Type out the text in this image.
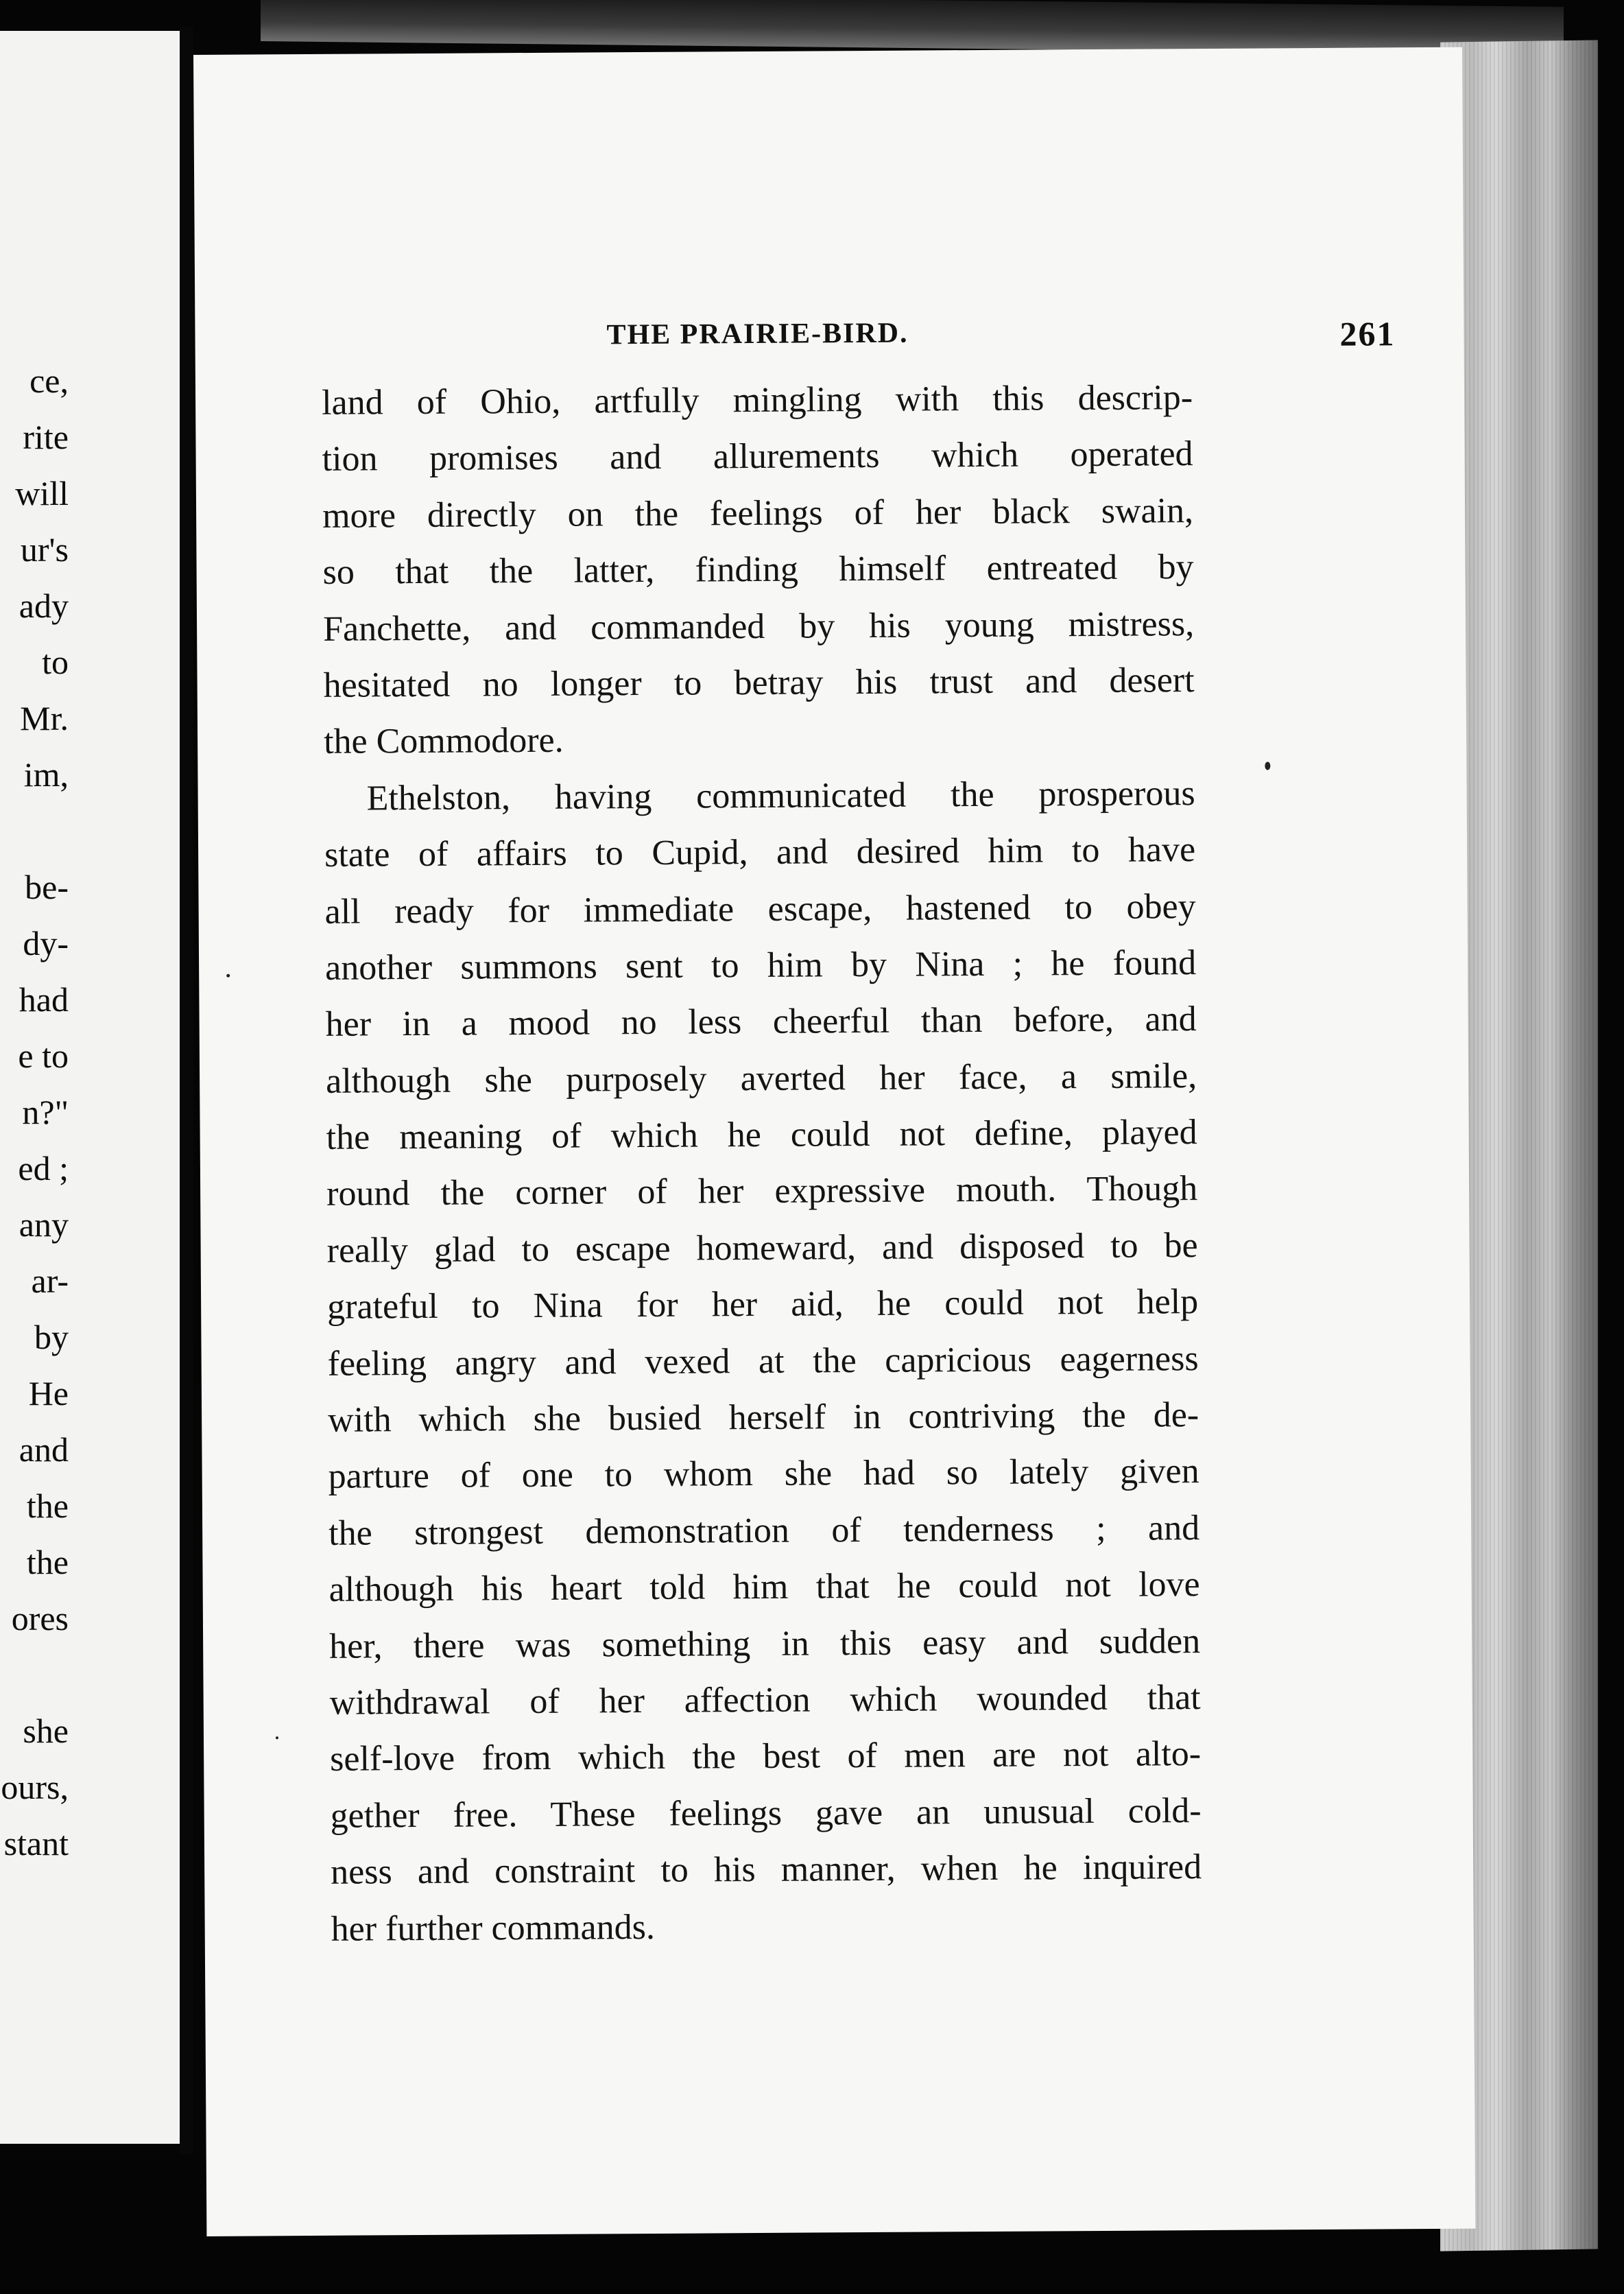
ce,
rite
will
ur's
ady
to
Mr.
im,
be-
dy-
had
e to
n?"
ed ;
any
ar-
by
He
and
the
the
ores
she
ours,
stant
THE PRAIRIE-BIRD.	261
land of Ohio, artfully mingling with this descrip-
tion promises and allurements which operated
more directly on the feelings of her black swain,
so that the latter, finding himself entreated by
Fanchette, and commanded by his young mistress,
hesitated no longer to betray his trust and desert
the Commodore.
Ethelston, having communicated the prosperous
state of affairs to Cupid, and desired him to have
all ready for immediate escape, hastened to obey
another summons sent to him by Nina ; he found
her in a mood no less cheerful than before, and
although she purposely averted her face, a smile,
the meaning of which he could not define, played
round the corner of her expressive mouth. Though
really glad to escape homeward, and disposed to be
grateful to Nina for her aid, he could not help
feeling angry and vexed at the capricious eagerness
with which she busied herself in contriving the de-
parture of one to whom she had so lately given
the strongest demonstration of tenderness ; and
although his heart told him that he could not love
her, there was something in this easy and sudden
withdrawal of her affection which wounded that
self-love from which the best of men are not alto-
gether free. These feelings gave an unusual cold-
ness and constraint to his manner, when he inquired
her further commands.
